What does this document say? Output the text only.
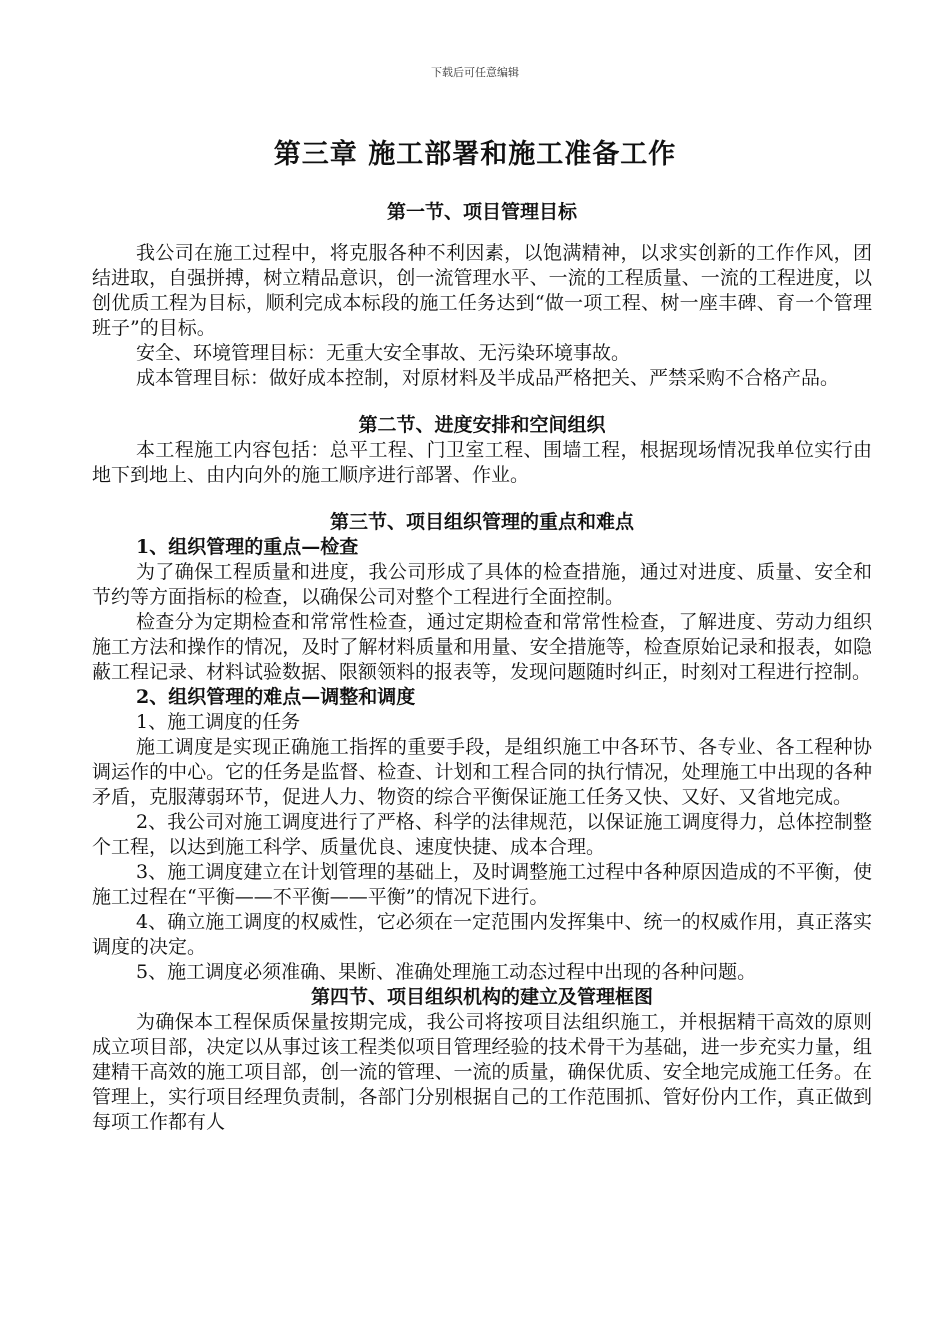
下载后可任意编辑
第三章 施工部署和施工准备工作
第一节、项目管理目标

我公司在施工过程中，将克服各种不利因素，以饱满精神，以求实创新的工作作风，团结进取，自强拼搏，树立精品意识，创一流管理水平、一流的工程质量、一流的工程进度，以创优质工程为目标，顺利完成本标段的施工任务达到“做一项工程、树一座丰碑、育一个管理班子”的目标。

安全、环境管理目标：无重大安全事故、无污染环境事故。

成本管理目标：做好成本控制，对原材料及半成品严格把关、严禁采购不合格产品。

第二节、进度安排和空间组织

本工程施工内容包括：总平工程、门卫室工程、围墙工程，根据现场情况我单位实行由地下到地上、由内向外的施工顺序进行部署、作业。

第三节、项目组织管理的重点和难点
1、组织管理的重点—检查

为了确保工程质量和进度，我公司形成了具体的检查措施，通过对进度、质量、安全和节约等方面指标的检查，以确保公司对整个工程进行全面控制。

检查分为定期检查和常常性检查，通过定期检查和常常性检查，了解进度、劳动力组织施工方法和操作的情况，及时了解材料质量和用量、安全措施等，检查原始记录和报表，如隐蔽工程记录、材料试验数据、限额领料的报表等，发现问题随时纠正，时刻对工程进行控制。

2、组织管理的难点—调整和调度

1、施工调度的任务

施工调度是实现正确施工指挥的重要手段，是组织施工中各环节、各专业、各工程种协调运作的中心。它的任务是监督、检查、计划和工程合同的执行情况，处理施工中出现的各种矛盾，克服薄弱环节，促进人力、物资的综合平衡保证施工任务又快、又好、又省地完成。

2、我公司对施工调度进行了严格、科学的法律规范，以保证施工调度得力，总体控制整个工程，以达到施工科学、质量优良、速度快捷、成本合理。

3、施工调度建立在计划管理的基础上，及时调整施工过程中各种原因造成的不平衡，使施工过程在“平衡——不平衡——平衡”的情况下进行。

4、确立施工调度的权威性，它必须在一定范围内发挥集中、统一的权威作用，真正落实调度的决定。

5、施工调度必须准确、果断、准确处理施工动态过程中出现的各种问题。

第四节、项目组织机构的建立及管理框图

为确保本工程保质保量按期完成，我公司将按项目法组织施工，并根据精干高效的原则成立项目部，决定以从事过该工程类似项目管理经验的技术骨干为基础，进一步充实力量，组建精干高效的施工项目部，创一流的管理、一流的质量，确保优质、安全地完成施工任务。在管理上，实行项目经理负责制，各部门分别根据自己的工作范围抓、管好份内工作，真正做到每项工作都有人
